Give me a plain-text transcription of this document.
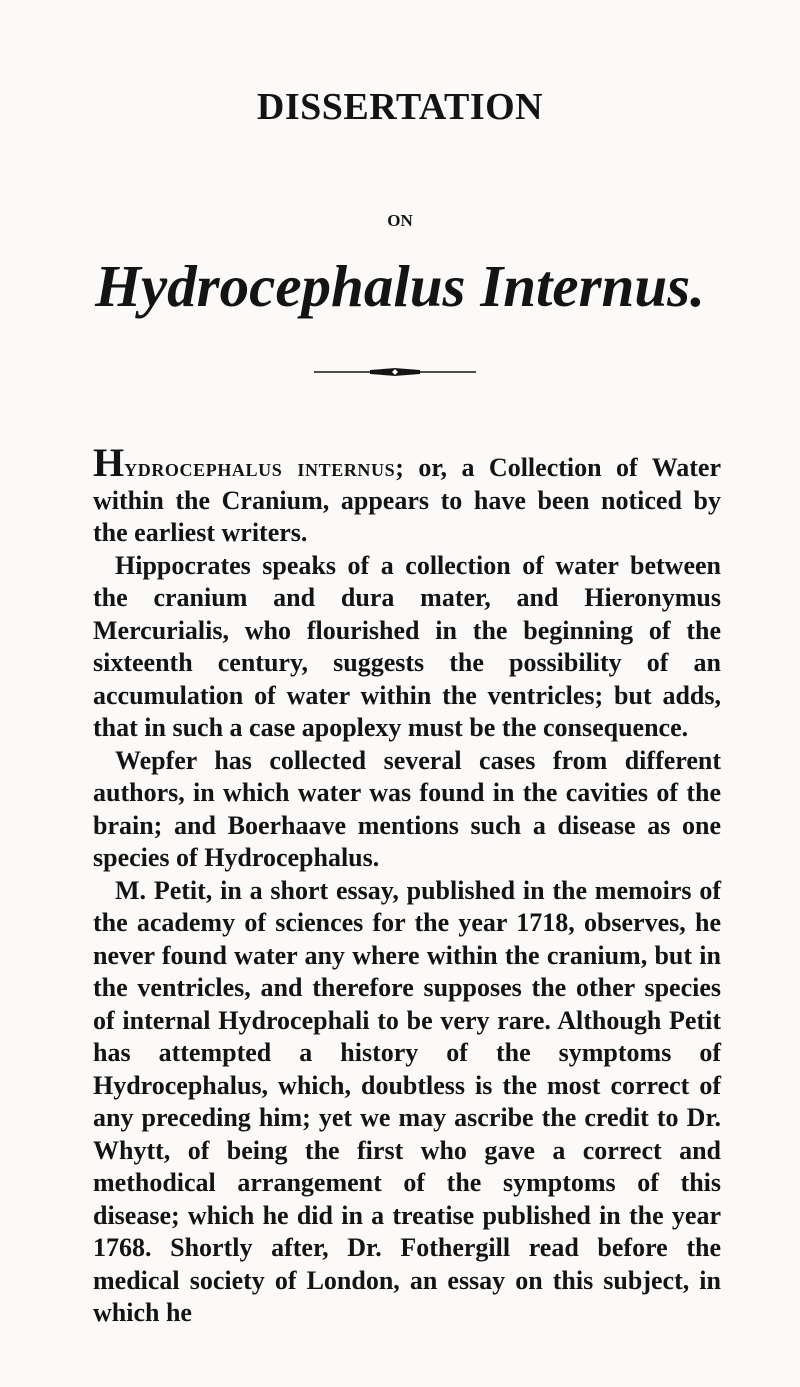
DISSERTATION
ON
Hydrocephalus Internus.

Hydrocephalus internus; or, a Collection of Water within the Cranium, appears to have been noticed by the earliest writers.

Hippocrates speaks of a collection of water between the cranium and dura mater, and Hieronymus Mercurialis, who flourished in the beginning of the sixteenth century, suggests the possibility of an accumulation of water within the ventricles; but adds, that in such a case apoplexy must be the consequence.

Wepfer has collected several cases from different authors, in which water was found in the cavities of the brain; and Boerhaave mentions such a disease as one species of Hydrocephalus.

M. Petit, in a short essay, published in the memoirs of the academy of sciences for the year 1718, observes, he never found water any where within the cranium, but in the ventricles, and therefore supposes the other species of internal Hydrocephali to be very rare. Although Petit has attempted a history of the symptoms of Hydrocephalus, which, doubtless is the most correct of any preceding him; yet we may ascribe the credit to Dr. Whytt, of being the first who gave a correct and methodical arrangement of the symptoms of this disease; which he did in a treatise published in the year 1768. Shortly after, Dr. Fothergill read before the medical society of London, an essay on this subject, in which he
